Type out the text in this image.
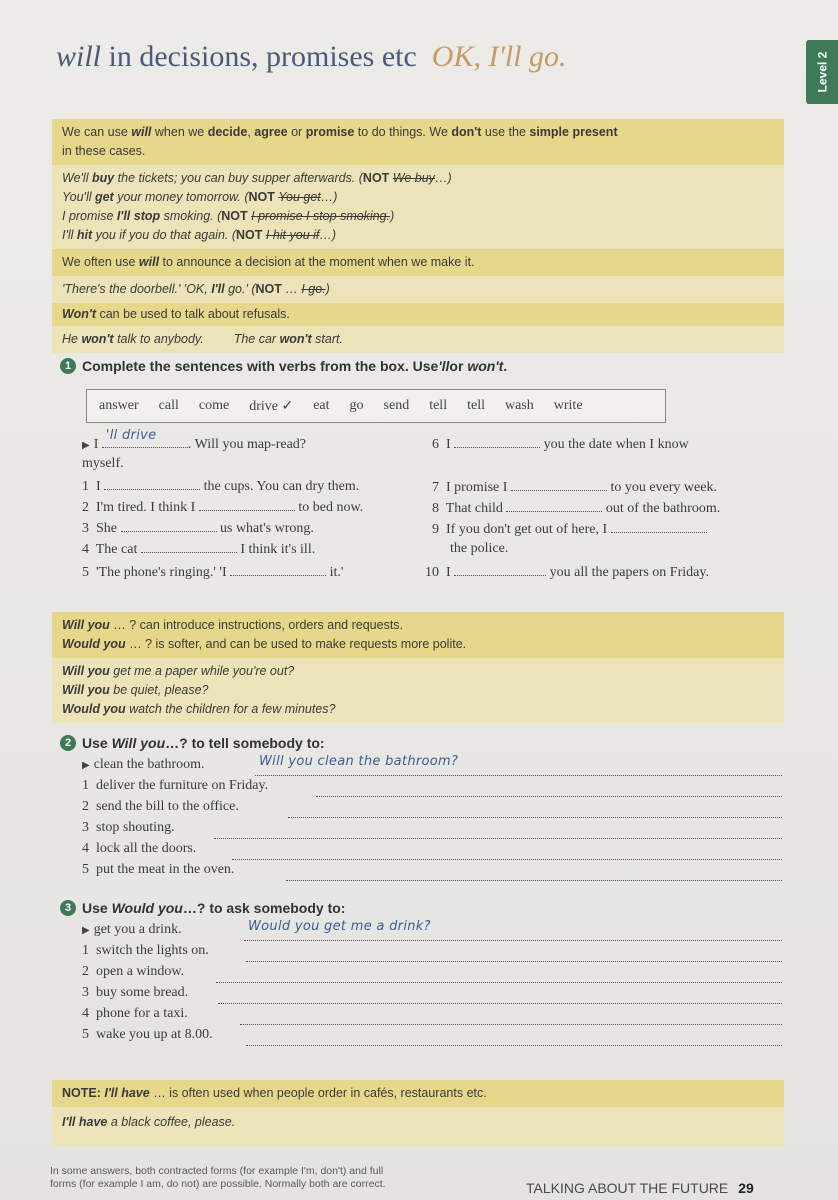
will in decisions, promises etc OK, I'll go.	Level 2
We can use will when we decide, agree or promise to do things. We don't use the simple present
in these cases.
We'll buy the tickets; you can buy supper afterwards. (NOT We buy…)
You'll get your money tomorrow. (NOT You get…)
I promise I'll stop smoking. (NOT I promise I stop smoking.)
I'll hit you if you do that again. (NOT I hit you if…)
We often use will to announce a decision at the moment when we make it.
'There's the doorbell.' 'OK, I'll go.' (NOT … I go.)
Won't can be used to talk about refusals.
He won't talk to anybody. The car won't start.
1 Complete the sentences with verbs from the box. Use 'll or
won't .
answer call come drive ✓ eat go send tell tell wash write
▶ I
'll drive
. Will you map-read?
myself.
1 I	the cups. You can dry them.
2 I'm tired. I think I	to bed now.
3 She	us what's wrong.
4 The cat	I think it's ill.
5 'The phone's ringing.' 'I	it.'
6 I	you the date when I know
7 I promise I	to you every week.
8 That child	out of the bathroom.
9 If you don't get out of here, I
the police.
10 I	you all the papers on Friday.
Will you … ? can introduce instructions, orders and requests.
Would you … ? is softer, and can be used to make requests more polite.
Will you get me a paper while you're out?
Will you be quiet, please?
Would you watch the children for a few minutes?
2 Use
Will you …? to tell somebody to:
▶ clean the bathroom.	Will you clean the bathroom?
1 deliver the furniture on Friday.
2 send the bill to the office.
3 stop shouting.
4 lock all the doors.
5 put the meat in the oven.
3 Use
Would you …? to ask somebody to:
▶ get you a drink.	Would you get me a drink?
1 switch the lights on.
2 open a window.
3 buy some bread.
4 phone for a taxi.
5 wake you up at 8.00.
NOTE: I'll have … is often used when people order in cafés, restaurants etc.
I'll have a black coffee, please.
In some answers, both contracted forms (for example I'm, don't) and full
forms (for example I am, do not) are possible. Normally both are correct.	TALKING ABOUT THE FUTURE 29
